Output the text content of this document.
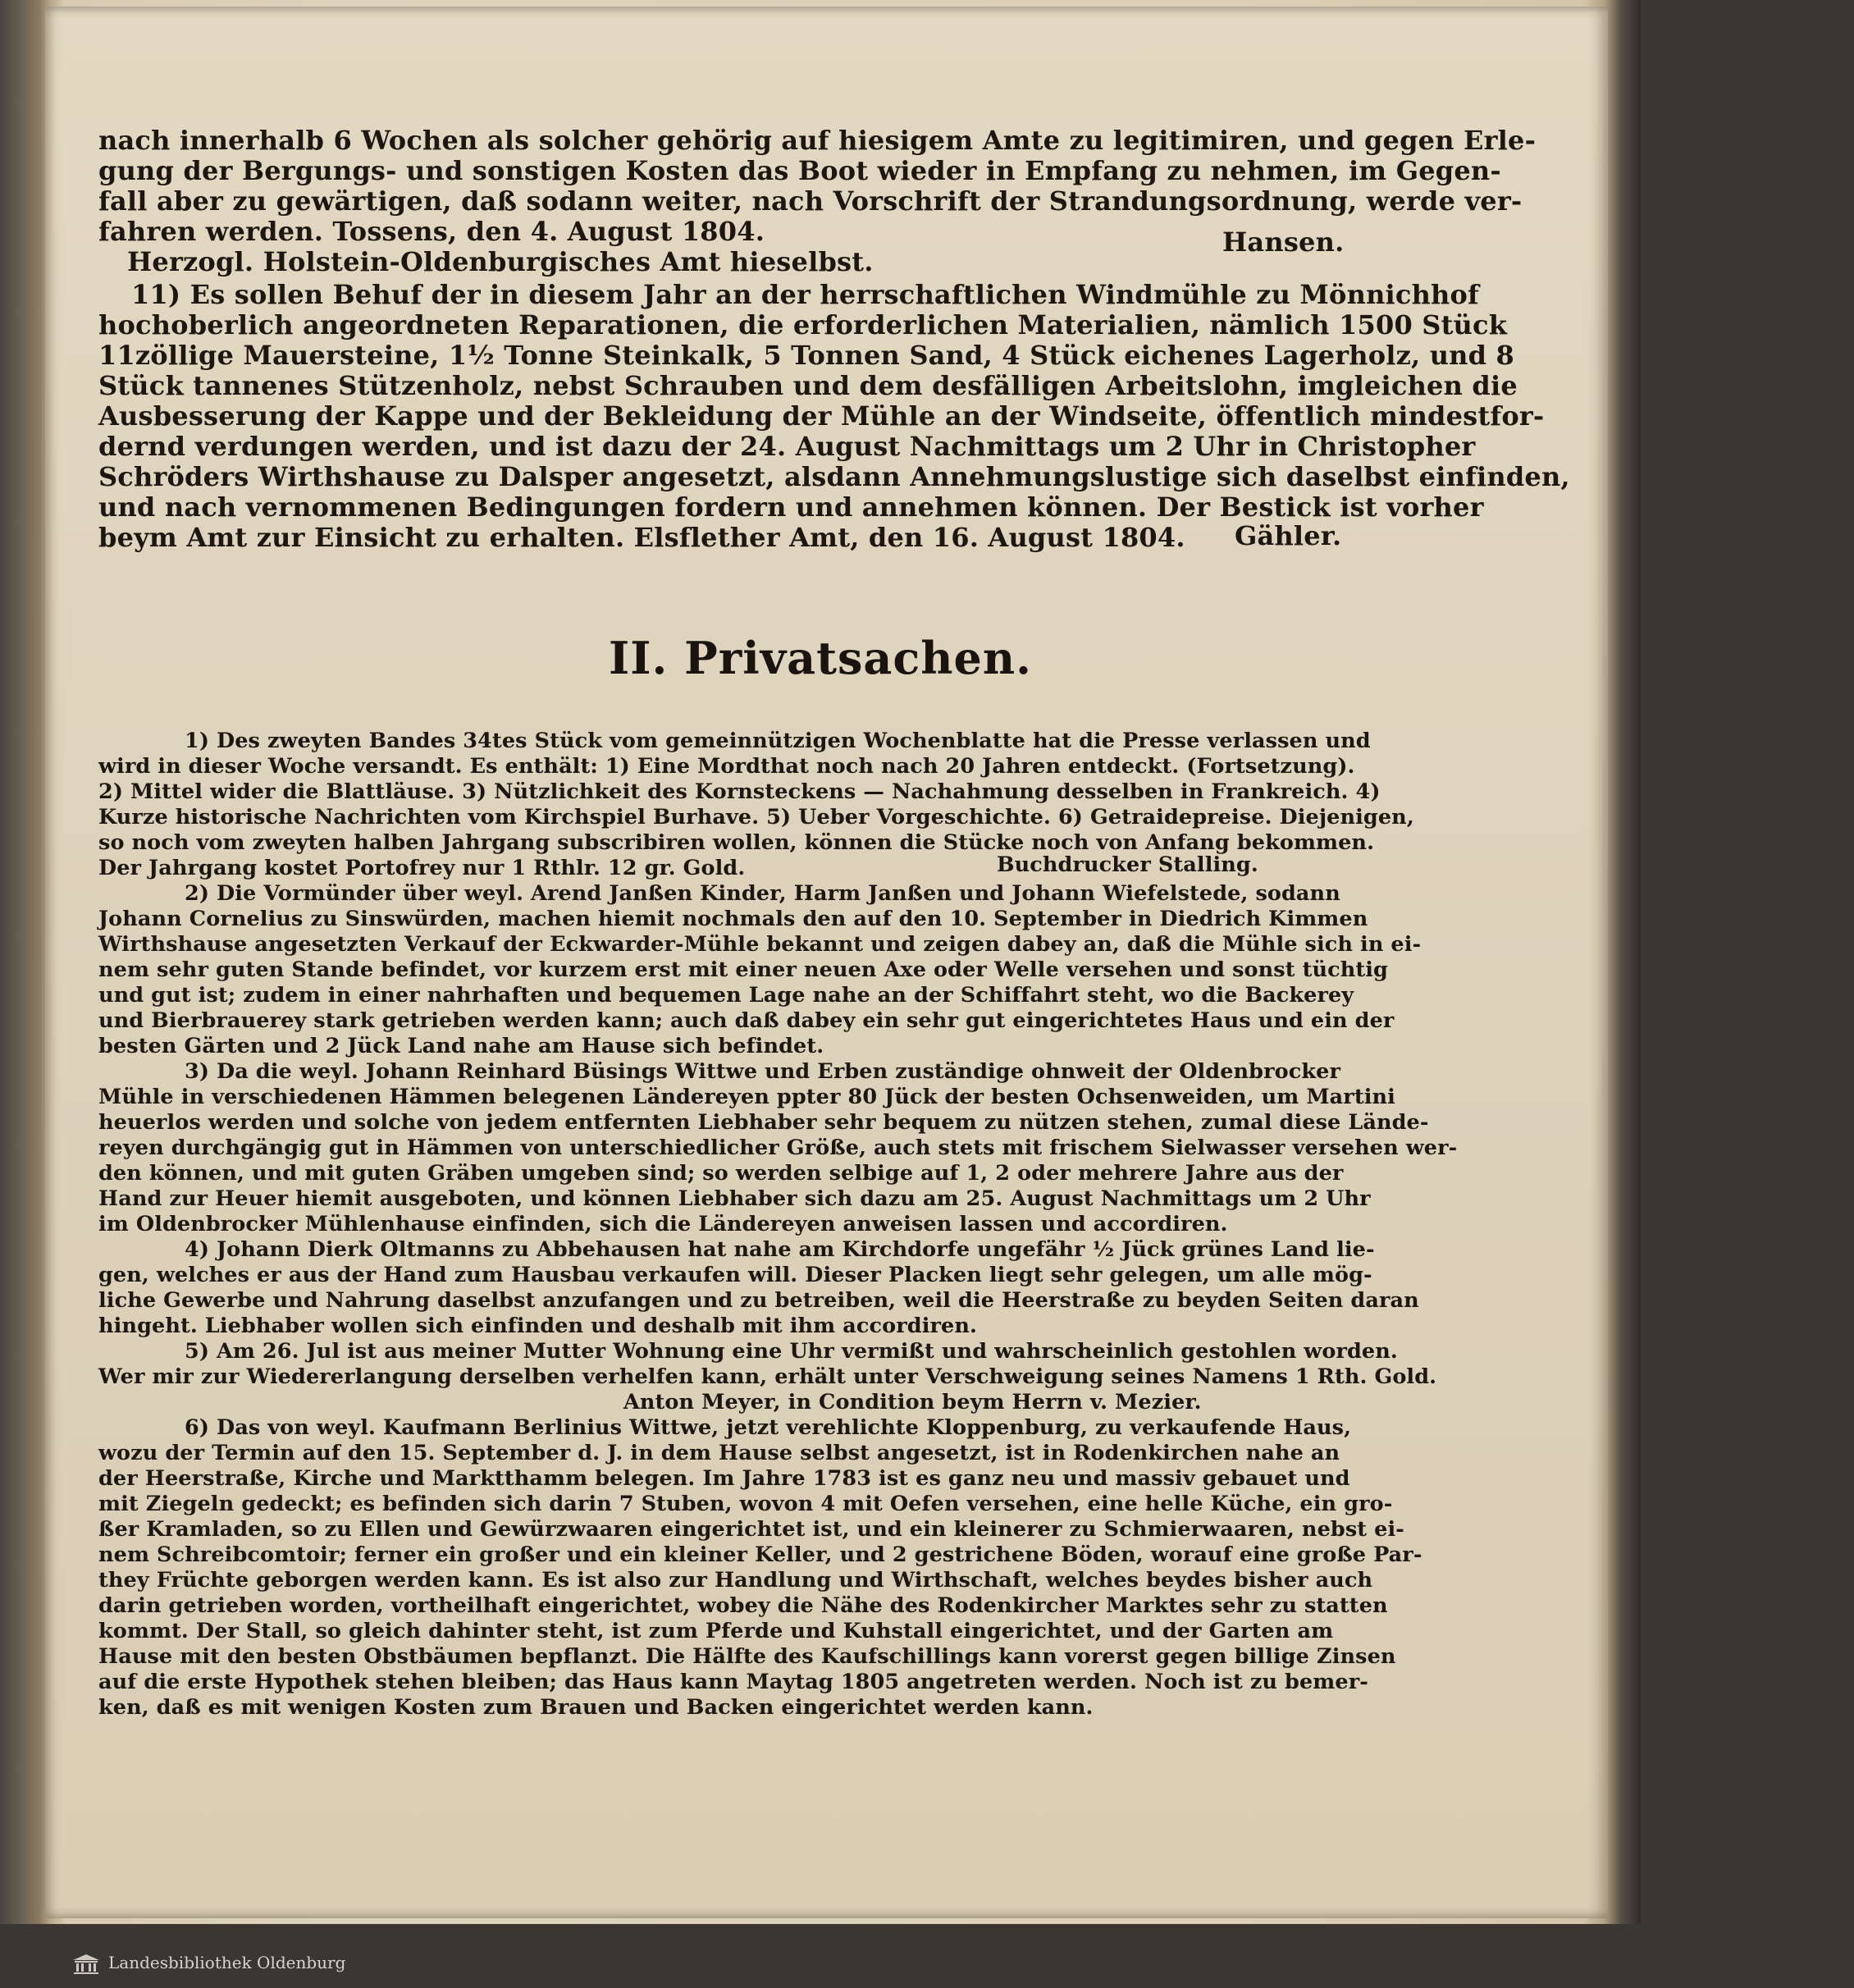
nach innerhalb 6 Wochen als solcher gehörig auf hiesigem Amte zu legitimiren, und gegen Erle-
gung der Bergungs- und sonstigen Kosten das Boot wieder in Empfang zu nehmen, im Gegen-
fall aber zu gewärtigen, daß sodann weiter, nach Vorschrift der Strandungsordnung, werde ver-
fahren werden. Tossens, den 4. August 1804.
Herzogl. Holstein-Oldenburgisches Amt hieselbst.
11) Es sollen Behuf der in diesem Jahr an der herrschaftlichen Windmühle zu Mönnichhof
hochoberlich angeordneten Reparationen, die erforderlichen Materialien, nämlich 1500 Stück
11zöllige Mauersteine, 1½ Tonne Steinkalk, 5 Tonnen Sand, 4 Stück eichenes Lagerholz, und 8
Stück tannenes Stützenholz, nebst Schrauben und dem desfälligen Arbeitslohn, imgleichen die
Ausbesserung der Kappe und der Bekleidung der Mühle an der Windseite, öffentlich mindestfor-
dernd verdungen werden, und ist dazu der 24. August Nachmittags um 2 Uhr in Christopher
Schröders Wirthshause zu Dalsper angesetzt, alsdann Annehmungslustige sich daselbst einfinden,
und nach vernommenen Bedingungen fordern und annehmen können. Der Bestick ist vorher
beym Amt zur Einsicht zu erhalten. Elsflether Amt, den 16. August 1804.
1) Des zweyten Bandes 34tes Stück vom gemeinnützigen Wochenblatte hat die Presse verlassen und
wird in dieser Woche versandt. Es enthält: 1) Eine Mordthat noch nach 20 Jahren entdeckt. (Fortsetzung).
2) Mittel wider die Blattläuse. 3) Nützlichkeit des Kornsteckens — Nachahmung desselben in Frankreich. 4)
Kurze historische Nachrichten vom Kirchspiel Burhave. 5) Ueber Vorgeschichte. 6) Getraidepreise. Diejenigen,
so noch vom zweyten halben Jahrgang subscribiren wollen, können die Stücke noch von Anfang bekommen.
Der Jahrgang kostet Portofrey nur 1 Rthlr. 12 gr. Gold.
2) Die Vormünder über weyl. Arend Janßen Kinder, Harm Janßen und Johann Wiefelstede, sodann
Johann Cornelius zu Sinswürden, machen hiemit nochmals den auf den 10. September in Diedrich Kimmen
Wirthshause angesetzten Verkauf der Eckwarder-Mühle bekannt und zeigen dabey an, daß die Mühle sich in ei-
nem sehr guten Stande befindet, vor kurzem erst mit einer neuen Axe oder Welle versehen und sonst tüchtig
und gut ist; zudem in einer nahrhaften und bequemen Lage nahe an der Schiffahrt steht, wo die Backerey
und Bierbrauerey stark getrieben werden kann; auch daß dabey ein sehr gut eingerichtetes Haus und ein der
besten Gärten und 2 Jück Land nahe am Hause sich befindet.
3) Da die weyl. Johann Reinhard Büsings Wittwe und Erben zuständige ohnweit der Oldenbrocker
Mühle in verschiedenen Hämmen belegenen Ländereyen ppter 80 Jück der besten Ochsenweiden, um Martini
heuerlos werden und solche von jedem entfernten Liebhaber sehr bequem zu nützen stehen, zumal diese Lände-
reyen durchgängig gut in Hämmen von unterschiedlicher Größe, auch stets mit frischem Sielwasser versehen wer-
den können, und mit guten Gräben umgeben sind; so werden selbige auf 1, 2 oder mehrere Jahre aus der
Hand zur Heuer hiemit ausgeboten, und können Liebhaber sich dazu am 25. August Nachmittags um 2 Uhr
im Oldenbrocker Mühlenhause einfinden, sich die Ländereyen anweisen lassen und accordiren.
4) Johann Dierk Oltmanns zu Abbehausen hat nahe am Kirchdorfe ungefähr ½ Jück grünes Land lie-
gen, welches er aus der Hand zum Hausbau verkaufen will. Dieser Placken liegt sehr gelegen, um alle mög-
liche Gewerbe und Nahrung daselbst anzufangen und zu betreiben, weil die Heerstraße zu beyden Seiten daran
hingeht. Liebhaber wollen sich einfinden und deshalb mit ihm accordiren.
5) Am 26. Jul ist aus meiner Mutter Wohnung eine Uhr vermißt und wahrscheinlich gestohlen worden.
Wer mir zur Wiedererlangung derselben verhelfen kann, erhält unter Verschweigung seines Namens 1 Rth. Gold.
Anton Meyer, in Condition beym Herrn v. Mezier.
6) Das von weyl. Kaufmann Berlinius Wittwe, jetzt verehlichte Kloppenburg, zu verkaufende Haus,
wozu der Termin auf den 15. September d. J. in dem Hause selbst angesetzt, ist in Rodenkirchen nahe an
der Heerstraße, Kirche und Marktthamm belegen. Im Jahre 1783 ist es ganz neu und massiv gebauet und
mit Ziegeln gedeckt; es befinden sich darin 7 Stuben, wovon 4 mit Oefen versehen, eine helle Küche, ein gro-
ßer Kramladen, so zu Ellen und Gewürzwaaren eingerichtet ist, und ein kleinerer zu Schmierwaaren, nebst ei-
nem Schreibcomtoir; ferner ein großer und ein kleiner Keller, und 2 gestrichene Böden, worauf eine große Par-
they Früchte geborgen werden kann. Es ist also zur Handlung und Wirthschaft, welches beydes bisher auch
darin getrieben worden, vortheilhaft eingerichtet, wobey die Nähe des Rodenkircher Marktes sehr zu statten
kommt. Der Stall, so gleich dahinter steht, ist zum Pferde und Kuhstall eingerichtet, und der Garten am
Hause mit den besten Obstbäumen bepflanzt. Die Hälfte des Kaufschillings kann vorerst gegen billige Zinsen
auf die erste Hypothek stehen bleiben; das Haus kann Maytag 1805 angetreten werden. Noch ist zu bemer-
ken, daß es mit wenigen Kosten zum Brauen und Backen eingerichtet werden kann.
Hansen.
Gähler.
Buchdrucker Stalling.
II. Privatsachen.
Landesbibliothek Oldenburg
